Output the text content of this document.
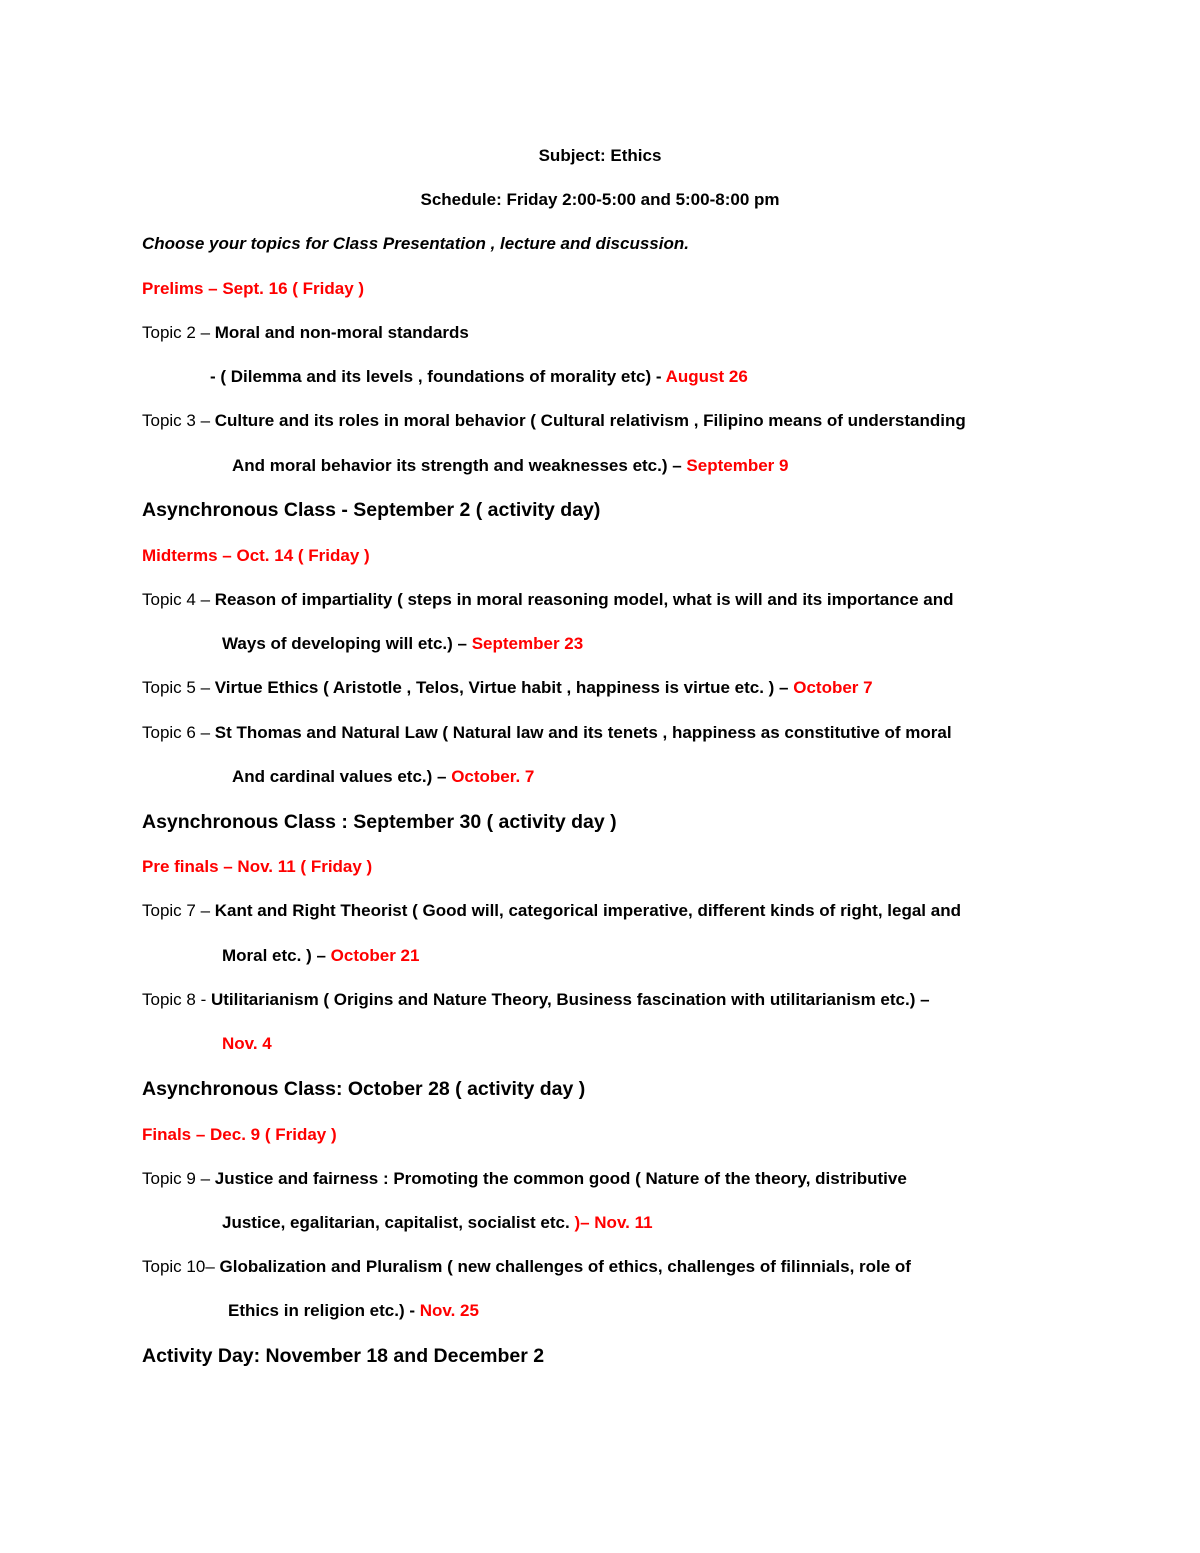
Subject: Ethics
Schedule: Friday 2:00-5:00 and 5:00-8:00 pm
Choose your topics for Class Presentation , lecture and discussion.
Prelims – Sept. 16 ( Friday )
Topic 2 – Moral and non-moral standards
- ( Dilemma and its levels , foundations of morality etc) - August 26
Topic 3 – Culture and its roles in moral behavior ( Cultural relativism , Filipino means of understanding
And moral behavior its strength and weaknesses etc.) – September 9
Asynchronous Class - September 2 ( activity day)
Midterms – Oct. 14 ( Friday )
Topic 4 – Reason of impartiality ( steps in moral reasoning model, what is will and its importance and
Ways of developing will etc.) – September 23
Topic 5 – Virtue Ethics ( Aristotle , Telos, Virtue habit , happiness is virtue etc. ) – October 7
Topic 6 – St Thomas and Natural Law ( Natural law and its tenets , happiness as constitutive of moral
And cardinal values etc.) – October. 7
Asynchronous Class : September 30 ( activity day )
Pre finals – Nov. 11 ( Friday )
Topic 7 – Kant and Right Theorist ( Good will, categorical imperative, different kinds of right, legal and
Moral etc. ) – October 21
Topic 8 - Utilitarianism ( Origins and Nature Theory, Business fascination with utilitarianism etc.) –
Nov. 4
Asynchronous Class: October 28 ( activity day )
Finals – Dec. 9 ( Friday )
Topic 9 – Justice and fairness : Promoting the common good ( Nature of the theory, distributive
Justice, egalitarian, capitalist, socialist etc. )– Nov. 11
Topic 10– Globalization and Pluralism ( new challenges of ethics, challenges of filinnials, role of
Ethics in religion etc.) - Nov. 25
Activity Day: November 18 and December 2
